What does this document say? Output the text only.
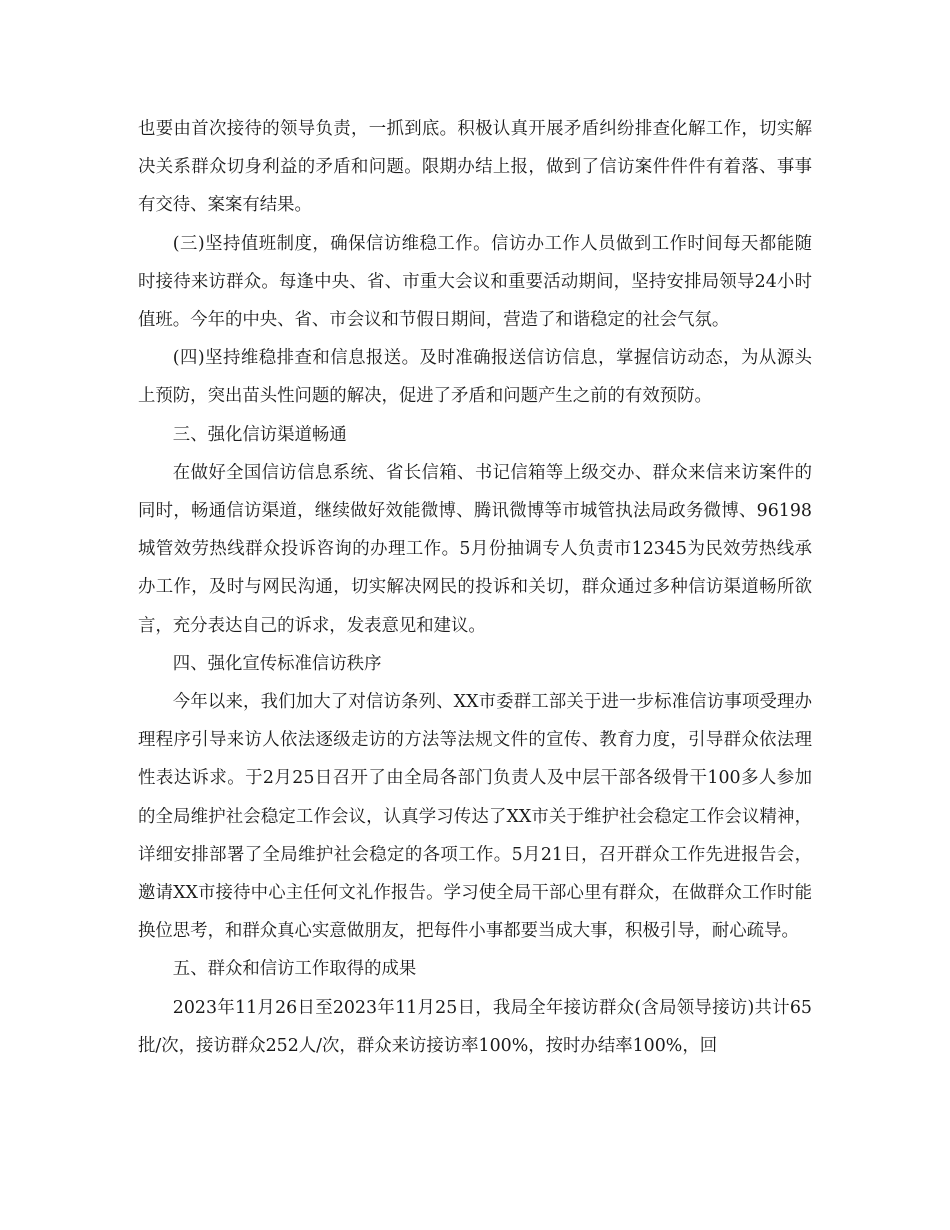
也要由首次接待的领导负责，一抓到底。积极认真开展矛盾纠纷排查化解工作，切实解决关系群众切身利益的矛盾和问题。限期办结上报，做到了信访案件件件有着落、事事有交待、案案有结果。

(三)坚持值班制度，确保信访维稳工作。信访办工作人员做到工作时间每天都能随时接待来访群众。每逢中央、省、市重大会议和重要活动期间，坚持安排局领导24小时值班。今年的中央、省、市会议和节假日期间，营造了和谐稳定的社会气氛。

(四)坚持维稳排查和信息报送。及时准确报送信访信息，掌握信访动态，为从源头上预防，突出苗头性问题的解决，促进了矛盾和问题产生之前的有效预防。

三、强化信访渠道畅通

在做好全国信访信息系统、省长信箱、书记信箱等上级交办、群众来信来访案件的同时，畅通信访渠道，继续做好效能微博、腾讯微博等市城管执法局政务微博、96198城管效劳热线群众投诉咨询的办理工作。5月份抽调专人负责市12345为民效劳热线承办工作，及时与网民沟通，切实解决网民的投诉和关切，群众通过多种信访渠道畅所欲言，充分表达自己的诉求，发表意见和建议。

四、强化宣传标准信访秩序

今年以来，我们加大了对信访条列、XX市委群工部关于进一步标准信访事项受理办理程序引导来访人依法逐级走访的方法等法规文件的宣传、教育力度，引导群众依法理性表达诉求。于2月25日召开了由全局各部门负责人及中层干部各级骨干100多人参加的全局维护社会稳定工作会议，认真学习传达了XX市关于维护社会稳定工作会议精神，详细安排部署了全局维护社会稳定的各项工作。5月21日，召开群众工作先进报告会，邀请XX市接待中心主任何文礼作报告。学习使全局干部心里有群众，在做群众工作时能换位思考，和群众真心实意做朋友，把每件小事都要当成大事，积极引导，耐心疏导。

五、群众和信访工作取得的成果

2023年11月26日至2023年11月25日，我局全年接访群众(含局领导接访)共计65批/次，接访群众252人/次，群众来访接访率100%，按时办结率100%，回
